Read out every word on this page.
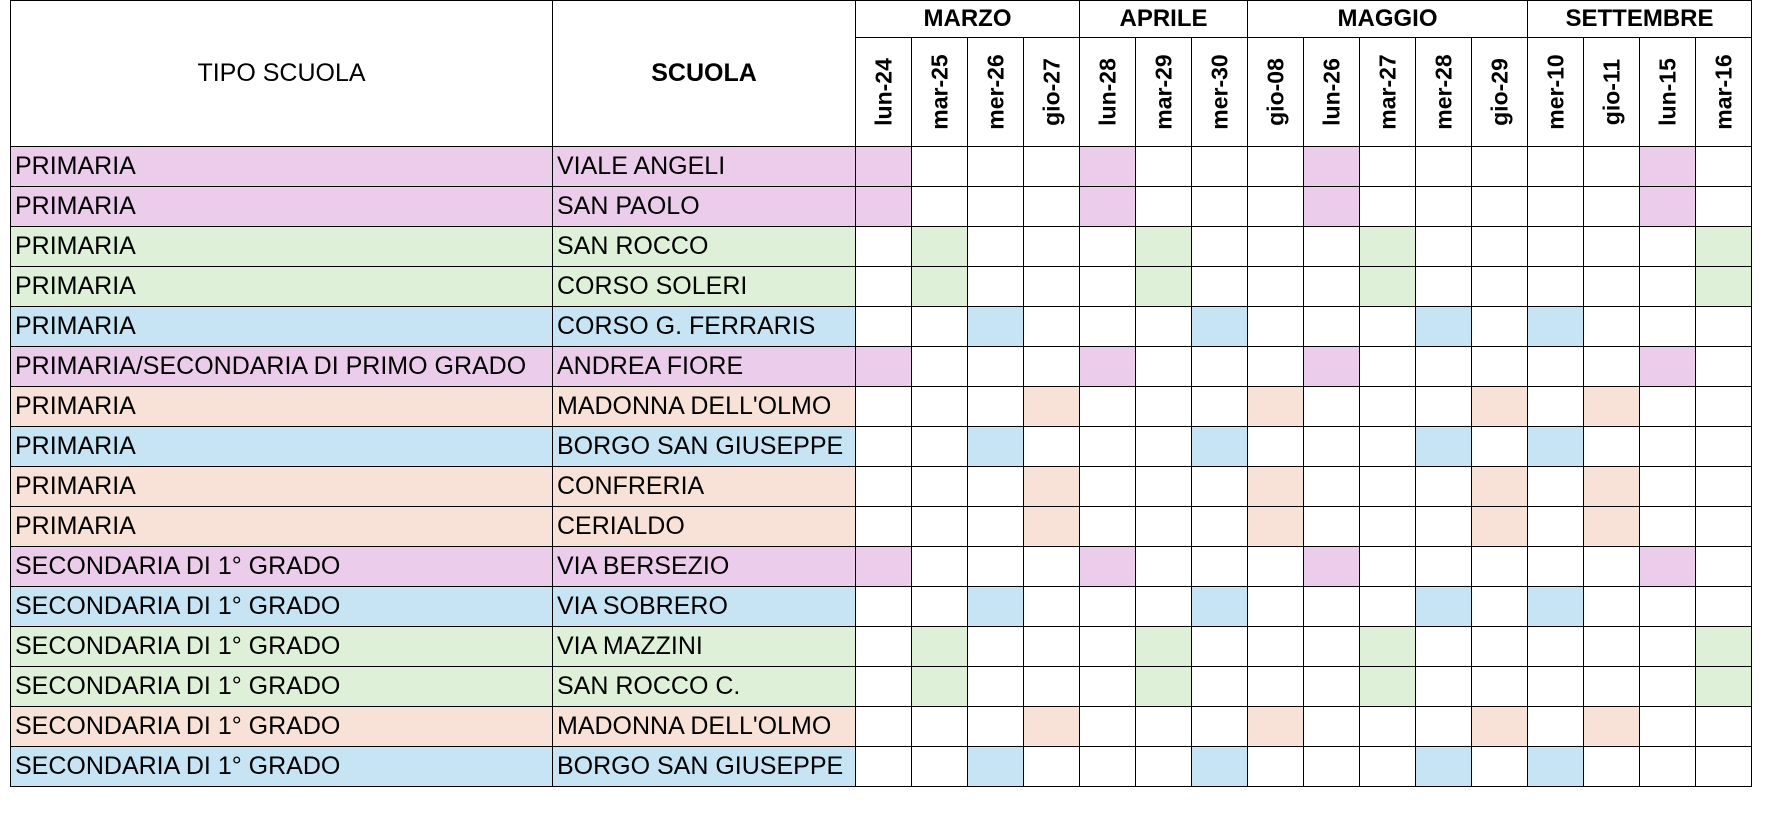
TIPO SCUOLA	SCUOLA	MARZO				APRILE			MAGGIO					SETTEMBRE			

		lun-24	mar-25	mer-26	gio-27	lun-28	mar-29	mer-30	gio-08	lun-26	mar-27	mer-28	gio-29	mer-10	gio-11	lun-15	mar-16

PRIMARIA	VIALE ANGELI																
PRIMARIA	SAN PAOLO																
PRIMARIA	SAN ROCCO																
PRIMARIA	CORSO SOLERI																
PRIMARIA	CORSO G. FERRARIS																
PRIMARIA/SECONDARIA DI PRIMO GRADO	ANDREA FIORE																
PRIMARIA	MADONNA DELL'OLMO																
PRIMARIA	BORGO SAN GIUSEPPE																
PRIMARIA	CONFRERIA																
PRIMARIA	CERIALDO																
SECONDARIA DI 1° GRADO	VIA BERSEZIO																
SECONDARIA DI 1° GRADO	VIA SOBRERO																
SECONDARIA DI 1° GRADO	VIA MAZZINI																
SECONDARIA DI 1° GRADO	SAN ROCCO C.																
SECONDARIA DI 1° GRADO	MADONNA DELL'OLMO																
SECONDARIA DI 1° GRADO	BORGO SAN GIUSEPPE																
